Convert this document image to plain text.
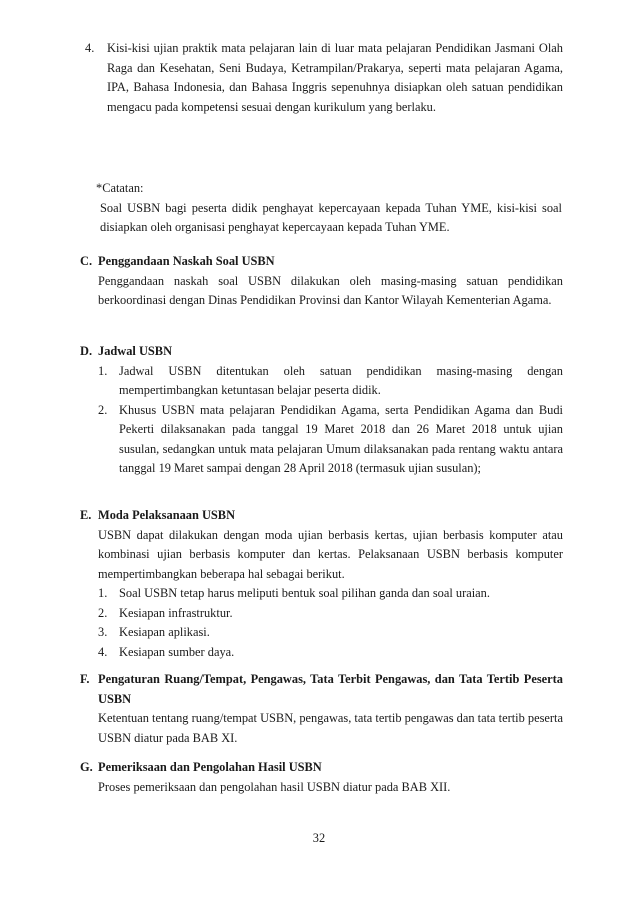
4. Kisi-kisi ujian praktik mata pelajaran lain di luar mata pelajaran Pendidikan Jasmani Olah Raga dan Kesehatan, Seni Budaya, Ketrampilan/Prakarya, seperti mata pelajaran Agama, IPA, Bahasa Indonesia, dan Bahasa Inggris sepenuhnya disiapkan oleh satuan pendidikan mengacu pada kompetensi sesuai dengan kurikulum yang berlaku.
*Catatan:
Soal USBN bagi peserta didik penghayat kepercayaan kepada Tuhan YME, kisi-kisi soal disiapkan oleh organisasi penghayat kepercayaan kepada Tuhan YME.
C. Penggandaan Naskah Soal USBN
Penggandaan naskah soal USBN dilakukan oleh masing-masing satuan pendidikan berkoordinasi dengan Dinas Pendidikan Provinsi dan Kantor Wilayah Kementerian Agama.
D. Jadwal USBN
1. Jadwal USBN ditentukan oleh satuan pendidikan masing-masing dengan mempertimbangkan ketuntasan belajar peserta didik.
2. Khusus USBN mata pelajaran Pendidikan Agama, serta Pendidikan Agama dan Budi Pekerti dilaksanakan pada tanggal 19 Maret 2018 dan 26 Maret 2018 untuk ujian susulan, sedangkan untuk mata pelajaran Umum dilaksanakan pada rentang waktu antara tanggal 19 Maret sampai dengan 28 April 2018 (termasuk ujian susulan);
E. Moda Pelaksanaan USBN
USBN dapat dilakukan dengan moda ujian berbasis kertas, ujian berbasis komputer atau kombinasi ujian berbasis komputer dan kertas. Pelaksanaan USBN berbasis komputer mempertimbangkan beberapa hal sebagai berikut.
1. Soal USBN tetap harus meliputi bentuk soal pilihan ganda dan soal uraian.
2. Kesiapan infrastruktur.
3. Kesiapan aplikasi.
4. Kesiapan sumber daya.
F. Pengaturan Ruang/Tempat, Pengawas, Tata Terbit Pengawas, dan Tata Tertib Peserta USBN
Ketentuan tentang ruang/tempat USBN, pengawas, tata tertib pengawas dan tata tertib peserta USBN diatur pada BAB XI.
G. Pemeriksaan dan Pengolahan Hasil USBN
Proses pemeriksaan dan pengolahan hasil USBN diatur pada BAB XII.
32
